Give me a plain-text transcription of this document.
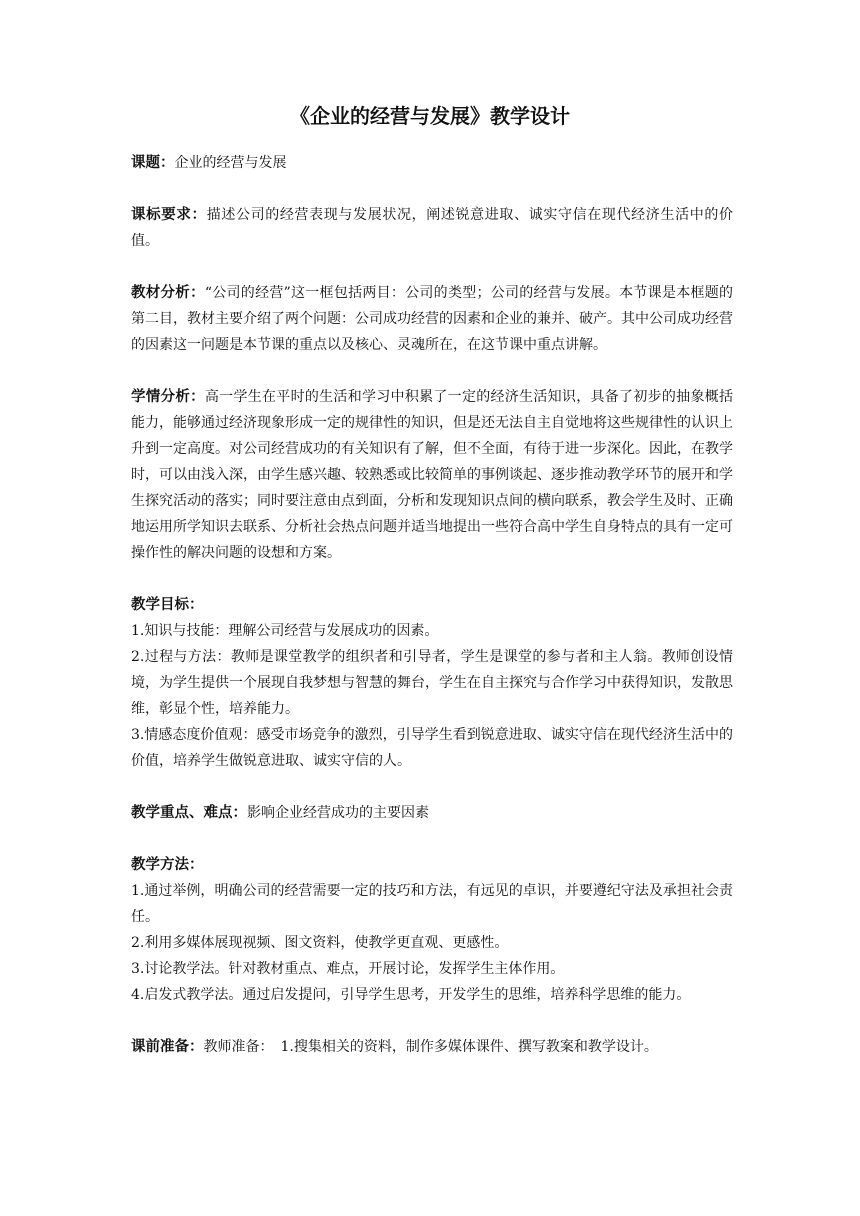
《企业的经营与发展》教学设计

课题：企业的经营与发展

课标要求：描述公司的经营表现与发展状况，阐述锐意进取、诚实守信在现代经济生活中的价值。

教材分析：“公司的经营”这一框包括两目：公司的类型；公司的经营与发展。本节课是本框题的第二目，教材主要介绍了两个问题：公司成功经营的因素和企业的兼并、破产。其中公司成功经营的因素这一问题是本节课的重点以及核心、灵魂所在，在这节课中重点讲解。

学情分析：高一学生在平时的生活和学习中积累了一定的经济生活知识，具备了初步的抽象概括能力，能够通过经济现象形成一定的规律性的知识，但是还无法自主自觉地将这些规律性的认识上升到一定高度。对公司经营成功的有关知识有了解，但不全面，有待于进一步深化。因此，在教学时，可以由浅入深，由学生感兴趣、较熟悉或比较简单的事例谈起、逐步推动教学环节的展开和学生探究活动的落实；同时要注意由点到面，分析和发现知识点间的横向联系，教会学生及时、正确地运用所学知识去联系、分析社会热点问题并适当地提出一些符合高中学生自身特点的具有一定可操作性的解决问题的设想和方案。

教学目标：

1.知识与技能：理解公司经营与发展成功的因素。

2.过程与方法：教师是课堂教学的组织者和引导者，学生是课堂的参与者和主人翁。教师创设情境，为学生提供一个展现自我梦想与智慧的舞台，学生在自主探究与合作学习中获得知识，发散思维，彰显个性，培养能力。

3.情感态度价值观：感受市场竞争的激烈，引导学生看到锐意进取、诚实守信在现代经济生活中的价值，培养学生做锐意进取、诚实守信的人。

教学重点、难点：影响企业经营成功的主要因素

教学方法：

1.通过举例，明确公司的经营需要一定的技巧和方法，有远见的卓识，并要遵纪守法及承担社会责任。

2.利用多媒体展现视频、图文资料，使教学更直观、更感性。

3.讨论教学法。针对教材重点、难点，开展讨论，发挥学生主体作用。

4.启发式教学法。通过启发提问，引导学生思考，开发学生的思维，培养科学思维的能力。

课前准备：教师准备：　1.搜集相关的资料，制作多媒体课件、撰写教案和教学设计。
